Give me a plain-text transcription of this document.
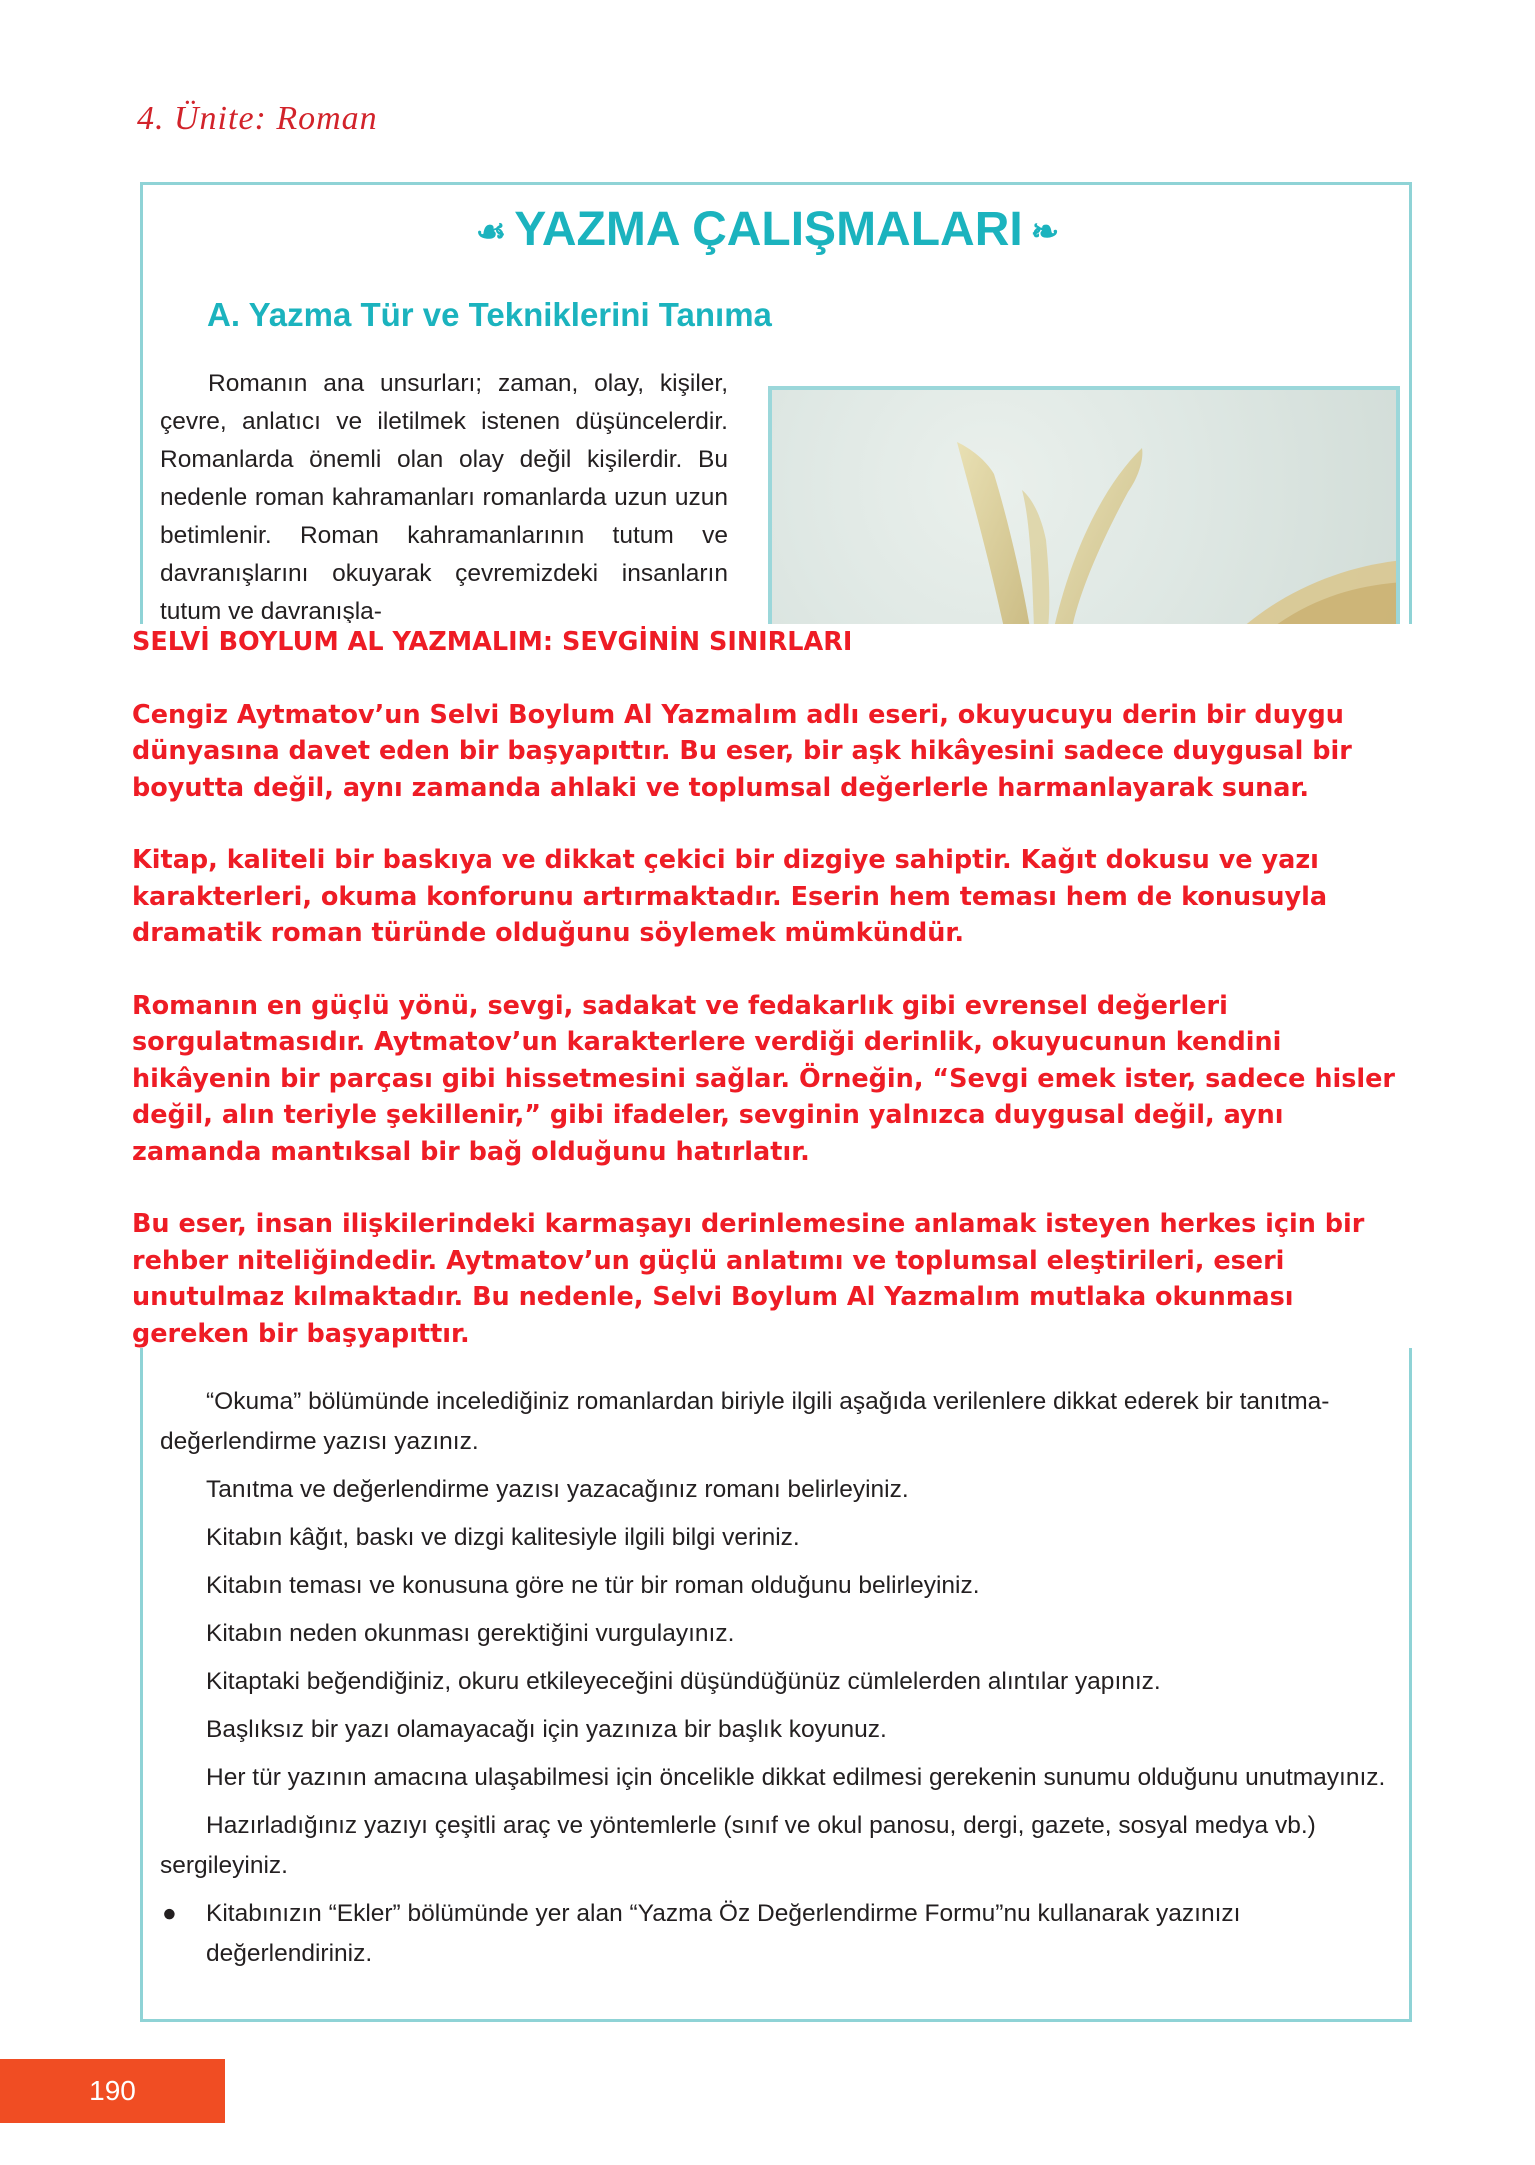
4. Ünite: Roman
☙ YAZMA ÇALIŞMALARI ❧
A. Yazma Tür ve Tekniklerini Tanıma

Romanın ana unsurları; zaman, olay, kişiler, çevre, anlatıcı ve iletilmek istenen düşüncelerdir. Romanlarda önemli olan olay değil kişilerdir. Bu nedenle roman kahramanları romanlarda uzun uzun betimlenir. Roman kahramanlarının tutum ve davranışlarını okuyarak çevremizdeki insanların tutum ve davranışla-

SELVİ BOYLUM AL YAZMALIM: SEVGİNİN SINIRLARI

Cengiz Aytmatov’un Selvi Boylum Al Yazmalım adlı eseri, okuyucuyu derin bir duygu dünyasına davet eden bir başyapıttır. Bu eser, bir aşk hikâyesini sadece duygusal bir boyutta değil, aynı zamanda ahlaki ve toplumsal değerlerle harmanlayarak sunar.

Kitap, kaliteli bir baskıya ve dikkat çekici bir dizgiye sahiptir. Kağıt dokusu ve yazı karakterleri, okuma konforunu artırmaktadır. Eserin hem teması hem de konusuyla dramatik roman türünde olduğunu söylemek mümkündür.

Romanın en güçlü yönü, sevgi, sadakat ve fedakarlık gibi evrensel değerleri sorgulatmasıdır. Aytmatov’un karakterlere verdiği derinlik, okuyucunun kendini hikâyenin bir parçası gibi hissetmesini sağlar. Örneğin, “Sevgi emek ister, sadece hisler değil, alın teriyle şekillenir,” gibi ifadeler, sevginin yalnızca duygusal değil, aynı zamanda mantıksal bir bağ olduğunu hatırlatır.

Bu eser, insan ilişkilerindeki karmaşayı derinlemesine anlamak isteyen herkes için bir rehber niteliğindedir. Aytmatov’un güçlü anlatımı ve toplumsal eleştirileri, eseri unutulmaz kılmaktadır. Bu nedenle, Selvi Boylum Al Yazmalım mutlaka okunması gereken bir başyapıttır.

“Okuma” bölümünde incelediğiniz romanlardan biriyle ilgili aşağıda verilenlere dikkat ederek bir tanıtma-değerlendirme yazısı yazınız.

Tanıtma ve değerlendirme yazısı yazacağınız romanı belirleyiniz.

Kitabın kâğıt, baskı ve dizgi kalitesiyle ilgili bilgi veriniz.

Kitabın teması ve konusuna göre ne tür bir roman olduğunu belirleyiniz.

Kitabın neden okunması gerektiğini vurgulayınız.

Kitaptaki beğendiğiniz, okuru etkileyeceğini düşündüğünüz cümlelerden alıntılar yapınız.

Başlıksız bir yazı olamayacağı için yazınıza bir başlık koyunuz.

Her tür yazının amacına ulaşabilmesi için öncelikle dikkat edilmesi gerekenin sunumu olduğunu unutmayınız.

Hazırladığınız yazıyı çeşitli araç ve yöntemlerle (sınıf ve okul panosu, dergi, gazete, sosyal medya vb.) sergileyiniz.

● Kitabınızın “Ekler” bölümünde yer alan “Yazma Öz Değerlendirme Formu”nu kullanarak yazınızı değerlendiriniz.

190
